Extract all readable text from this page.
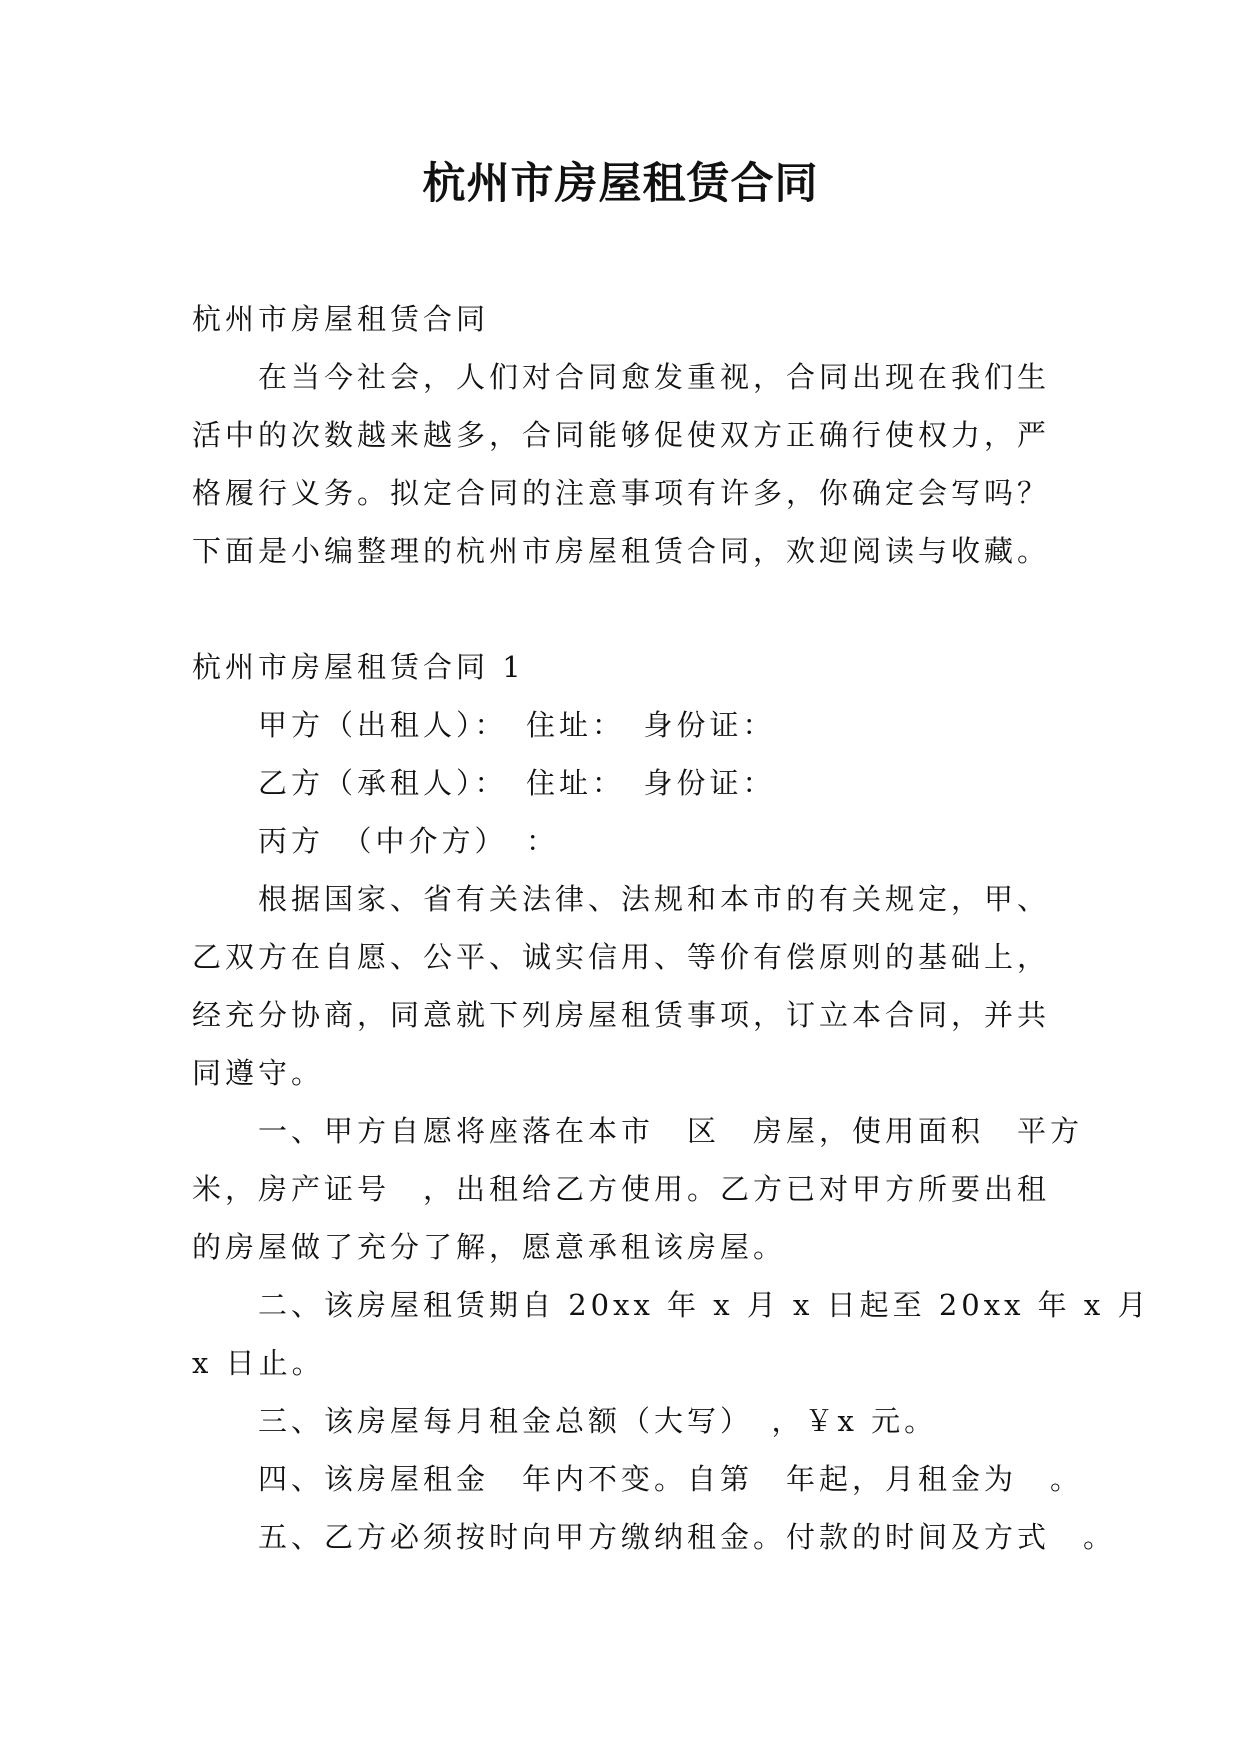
杭州市房屋租赁合同

杭州市房屋租赁合同

在当今社会，人们对合同愈发重视，合同出现在我们生

活中的次数越来越多，合同能够促使双方正确行使权力，严

格履行义务。拟定合同的注意事项有许多，你确定会写吗？

下面是小编整理的杭州市房屋租赁合同，欢迎阅读与收藏。

杭州市房屋租赁合同 1

甲方（出租人）：　住址：　身份证：

乙方（承租人）：　住址：　身份证：

丙方　（中介方）　：

根据国家、省有关法律、法规和本市的有关规定，甲、

乙双方在自愿、公平、诚实信用、等价有偿原则的基础上，

经充分协商，同意就下列房屋租赁事项，订立本合同，并共

同遵守。

一、甲方自愿将座落在本市　区　房屋，使用面积　平方

米，房产证号　，出租给乙方使用。乙方已对甲方所要出租

的房屋做了充分了解，愿意承租该房屋。

二、该房屋租赁期自 20xx 年 x 月 x 日起至 20xx 年 x 月

x 日止。

三、该房屋每月租金总额（大写）　，￥x 元。

四、该房屋租金　年内不变。自第　年起，月租金为　。

五、乙方必须按时向甲方缴纳租金。付款的时间及方式　。
